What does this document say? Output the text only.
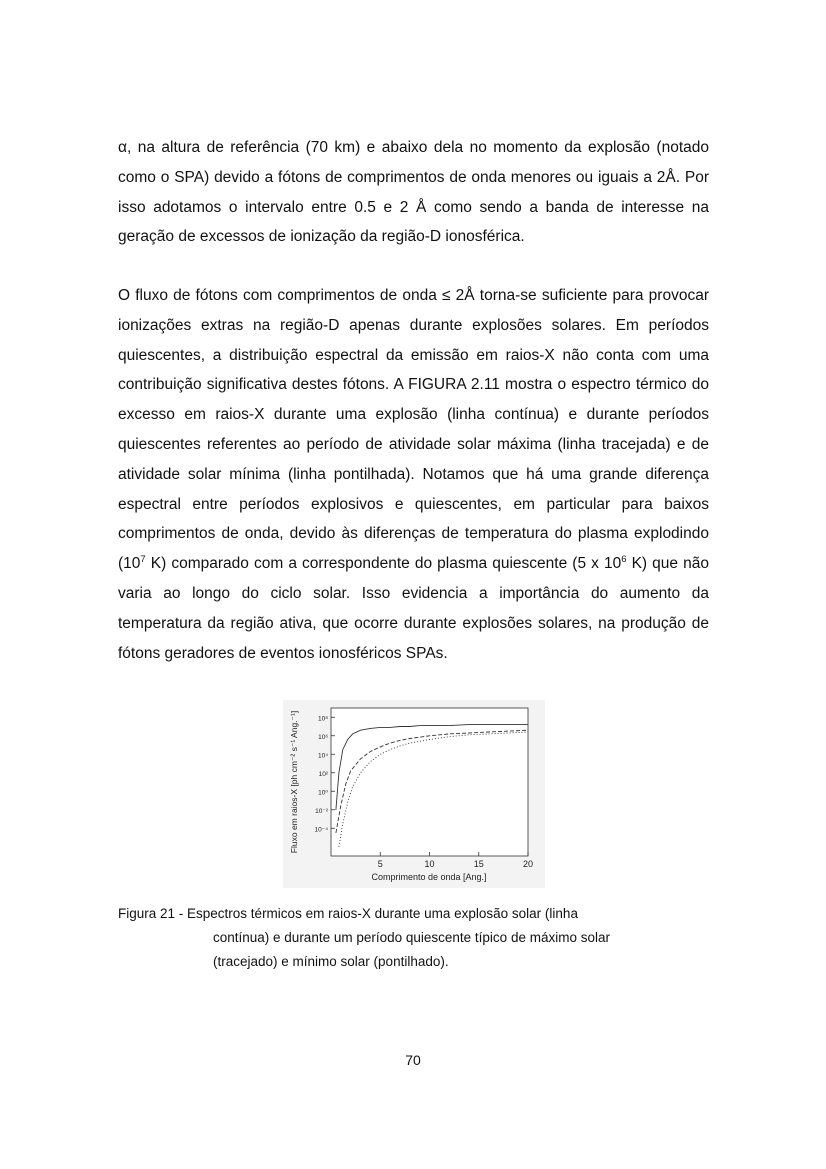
α, na altura de referência (70 km) e abaixo dela no momento da explosão (notado como o SPA) devido a fótons de comprimentos de onda menores ou iguais a 2Å. Por isso adotamos o intervalo entre 0.5 e 2 Å como sendo a banda de interesse na geração de excessos de ionização da região-D ionosférica.

O fluxo de fótons com comprimentos de onda ≤ 2Å torna-se suficiente para provocar ionizações extras na região-D apenas durante explosões solares. Em períodos quiescentes, a distribuição espectral da emissão em raios-X não conta com uma contribuição significativa destes fótons. A FIGURA 2.11 mostra o espectro térmico do excesso em raios-X durante uma explosão (linha contínua) e durante períodos quiescentes referentes ao período de atividade solar máxima (linha tracejada) e de atividade solar mínima (linha pontilhada). Notamos que há uma grande diferença espectral entre períodos explosivos e quiescentes, em particular para baixos comprimentos de onda, devido às diferenças de temperatura do plasma explodindo ($10^7$ K) comparado com a correspondente do plasma quiescente (5 x $10^6$ K) que não varia ao longo do ciclo solar. Isso evidencia a importância do aumento da temperatura da região ativa, que ocorre durante explosões solares, na produção de fótons geradores de eventos ionosféricos SPAs.

5	10	15	20
10⁸
10⁶
10⁴
10²
10⁰
10⁻²
10⁻⁴
Fluxo em raios-X [ph cm⁻² s⁻¹ Ang.⁻¹]
Comprimento de onda [Ang.]
Figura 21 - Espectros térmicos em raios-X durante uma explosão solar (linha
contínua) e durante um período quiescente típico de máximo solar
(tracejado) e mínimo solar (pontilhado).
70
